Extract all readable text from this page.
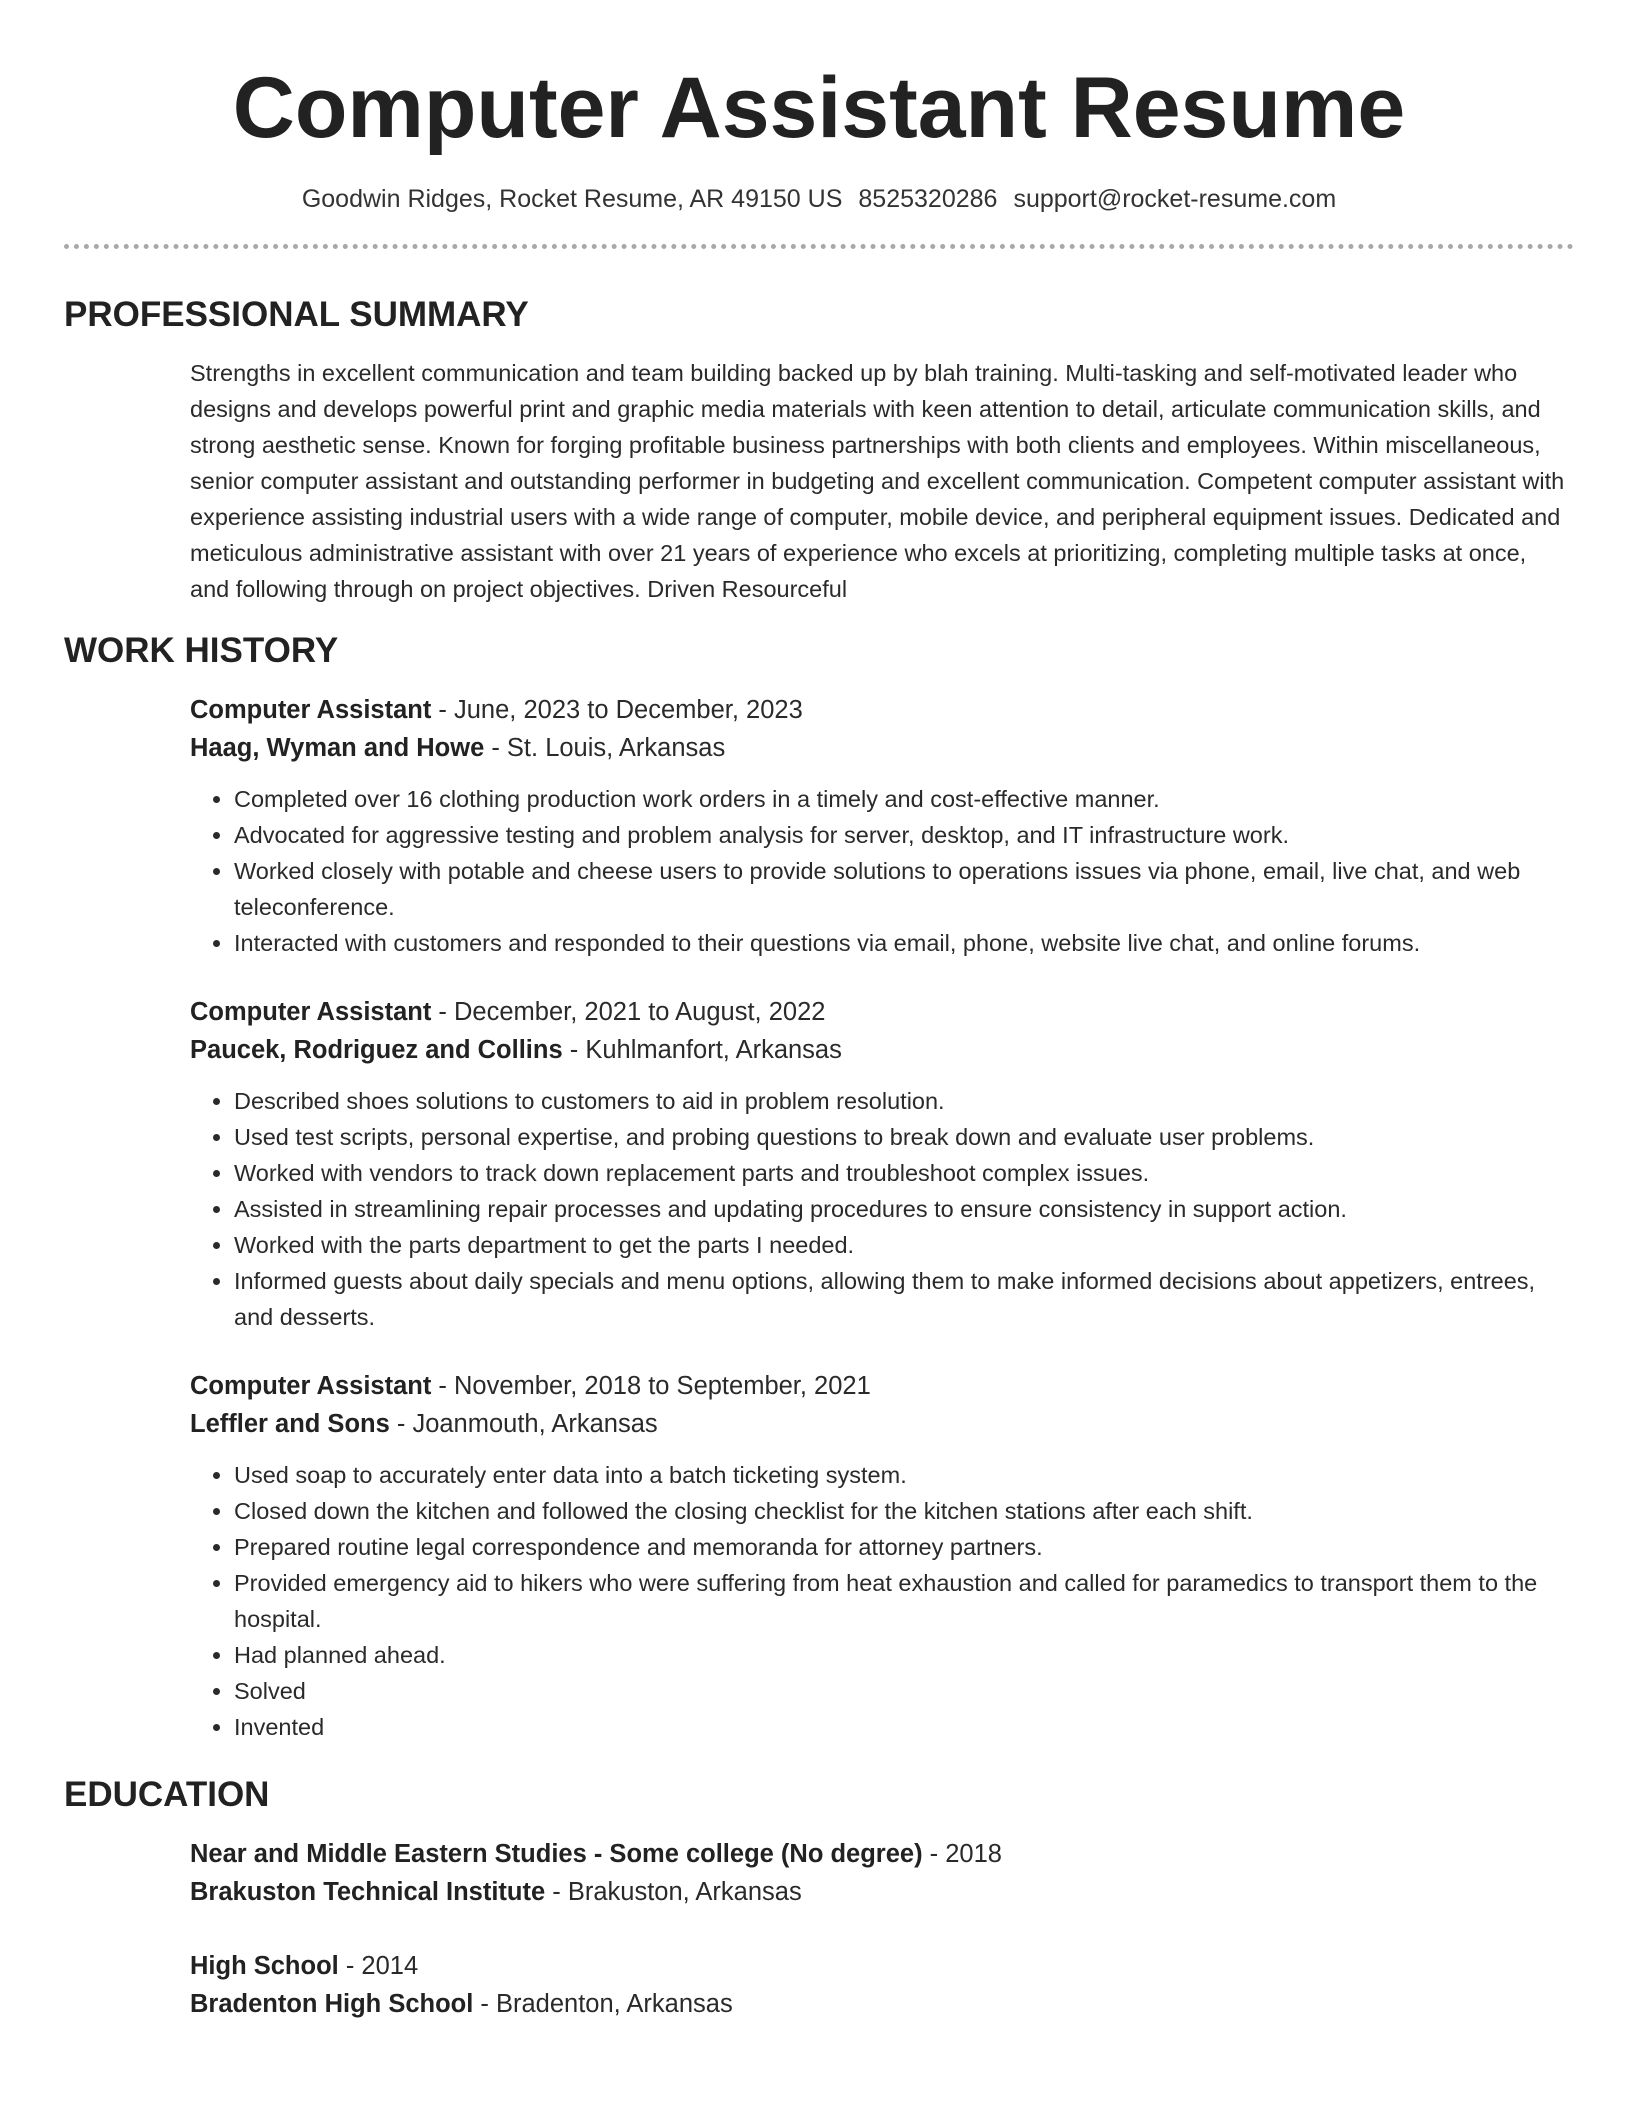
Computer Assistant Resume
Goodwin Ridges, Rocket Resume, AR 49150 US 8525320286 support@rocket-resume.com
PROFESSIONAL SUMMARY
Strengths in excellent communication and team building backed up by blah training. Multi-tasking and self-motivated leader who designs and develops powerful print and graphic media materials with keen attention to detail, articulate communication skills, and strong aesthetic sense. Known for forging profitable business partnerships with both clients and employees. Within miscellaneous, senior computer assistant and outstanding performer in budgeting and excellent communication. Competent computer assistant with experience assisting industrial users with a wide range of computer, mobile device, and peripheral equipment issues. Dedicated and meticulous administrative assistant with over 21 years of experience who excels at prioritizing, completing multiple tasks at once, and following through on project objectives. Driven Resourceful
WORK HISTORY
Computer Assistant - June, 2023 to December, 2023
Haag, Wyman and Howe - St. Louis, Arkansas
• Completed over 16 clothing production work orders in a timely and cost-effective manner.
• Advocated for aggressive testing and problem analysis for server, desktop, and IT infrastructure work.
• Worked closely with potable and cheese users to provide solutions to operations issues via phone, email, live chat, and web teleconference.
• Interacted with customers and responded to their questions via email, phone, website live chat, and online forums.
Computer Assistant - December, 2021 to August, 2022
Paucek, Rodriguez and Collins - Kuhlmanfort, Arkansas
• Described shoes solutions to customers to aid in problem resolution.
• Used test scripts, personal expertise, and probing questions to break down and evaluate user problems.
• Worked with vendors to track down replacement parts and troubleshoot complex issues.
• Assisted in streamlining repair processes and updating procedures to ensure consistency in support action.
• Worked with the parts department to get the parts I needed.
• Informed guests about daily specials and menu options, allowing them to make informed decisions about appetizers, entrees, and desserts.
Computer Assistant - November, 2018 to September, 2021
Leffler and Sons - Joanmouth, Arkansas
• Used soap to accurately enter data into a batch ticketing system.
• Closed down the kitchen and followed the closing checklist for the kitchen stations after each shift.
• Prepared routine legal correspondence and memoranda for attorney partners.
• Provided emergency aid to hikers who were suffering from heat exhaustion and called for paramedics to transport them to the hospital.
• Had planned ahead.
• Solved
• Invented
EDUCATION
Near and Middle Eastern Studies - Some college (No degree) - 2018
Brakuston Technical Institute - Brakuston, Arkansas
High School - 2014
Bradenton High School - Bradenton, Arkansas
